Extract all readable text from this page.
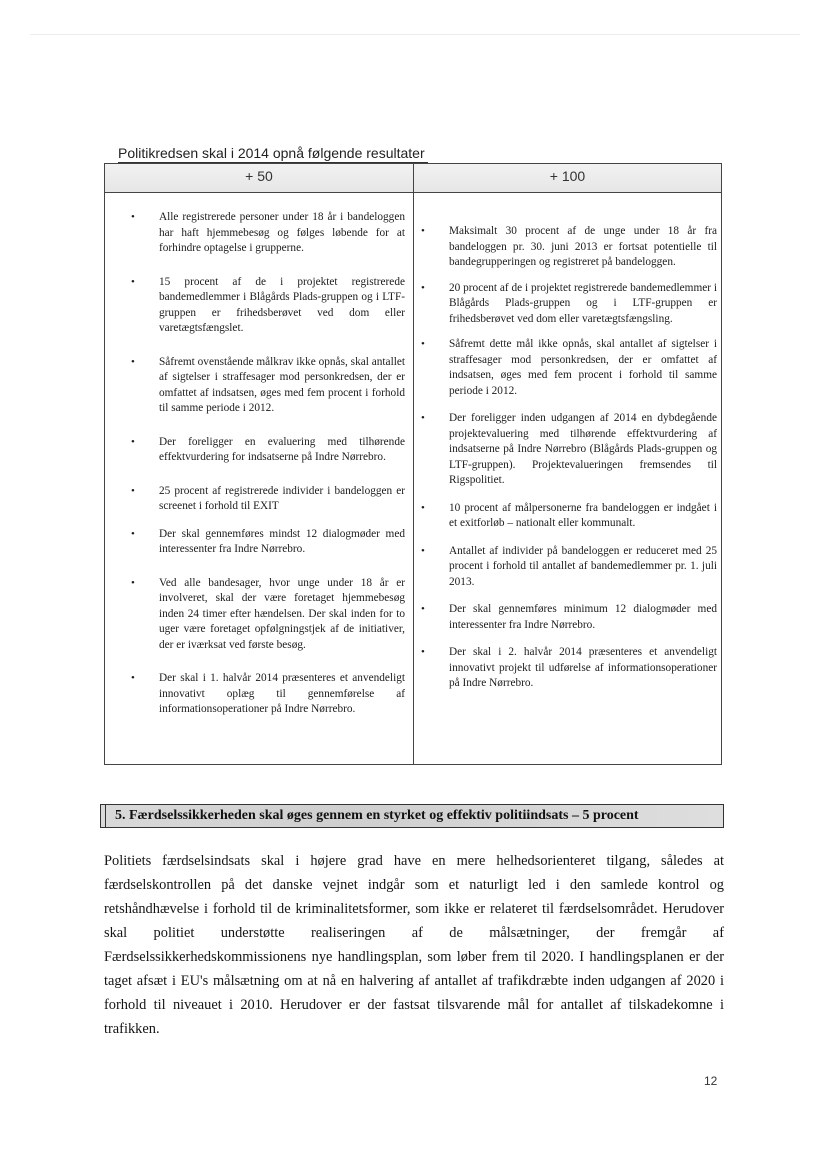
Politikredsen skal i 2014 opnå følgende resultater
+ 50	+ 100
• Alle registrerede personer under 18 år i bandeloggen har haft hjemmebesøg og følges løbende for at forhindre optagelse i grupperne.
• 15 procent af de i projektet registrerede bandemedlemmer i Blågårds Plads-gruppen og i LTF-gruppen er frihedsberøvet ved dom eller varetægtsfængslet.
• Såfremt ovenstående målkrav ikke opnås, skal antallet af sigtelser i straffesager mod personkredsen, der er omfattet af indsatsen, øges med fem procent i forhold til samme periode i 2012.
• Der foreligger en evaluering med tilhørende effektvurdering for indsatserne på Indre Nørrebro.
• 25 procent af registrerede individer i bandeloggen er screenet i forhold til EXIT
• Der skal gennemføres mindst 12 dialogmøder med interessenter fra Indre Nørrebro.
• Ved alle bandesager, hvor unge under 18 år er involveret, skal der være foretaget hjemmebesøg inden 24 timer efter hændelsen. Der skal inden for to uger være foretaget opfølgningstjek af de initiativer, der er iværksat ved første besøg.
• Der skal i 1. halvår 2014 præsenteres et anvendeligt innovativt oplæg til gennemførelse af informationsoperationer på Indre Nørrebro.
• Maksimalt 30 procent af de unge under 18 år fra bandeloggen pr. 30. juni 2013 er fortsat potentielle til bandegrupperingen og registreret på bandeloggen.
• 20 procent af de i projektet registrerede bandemedlemmer i Blågårds Plads-gruppen og i LTF-gruppen er frihedsberøvet ved dom eller varetægtsfængsling.
• Såfremt dette mål ikke opnås, skal antallet af sigtelser i straffesager mod personkredsen, der er omfattet af indsatsen, øges med fem procent i forhold til samme periode i 2012.
• Der foreligger inden udgangen af 2014 en dybdegående projektevaluering med tilhørende effektvurdering af indsatserne på Indre Nørrebro (Blågårds Plads-gruppen og LTF-gruppen). Projektevalueringen fremsendes til Rigspolitiet.
• 10 procent af målpersonerne fra bandeloggen er indgået i et exitforløb – nationalt eller kommunalt.
• Antallet af individer på bandeloggen er reduceret med 25 procent i forhold til antallet af bandemedlemmer pr. 1. juli 2013.
• Der skal gennemføres minimum 12 dialogmøder med interessenter fra Indre Nørrebro.
• Der skal i 2. halvår 2014 præsenteres et anvendeligt innovativt projekt til udførelse af informationsoperationer på Indre Nørrebro.
5. Færdselssikkerheden skal øges gennem en styrket og effektiv politiindsats – 5 procent
Politiets færdselsindsats skal i højere grad have en mere helhedsorienteret tilgang, således at færdselskontrollen på det danske vejnet indgår som et naturligt led i den samlede kontrol og retshåndhævelse i forhold til de kriminalitetsformer, som ikke er relateret til færdselsområdet. Herudover skal politiet understøtte realiseringen af de målsætninger, der fremgår af Færdselssikkerhedskommissionens nye handlingsplan, som løber frem til 2020. I handlingsplanen er der taget afsæt i EU's målsætning om at nå en halvering af antallet af trafikdræbte inden udgangen af 2020 i forhold til niveauet i 2010. Herudover er der fastsat tilsvarende mål for antallet af tilskadekomne i trafikken.
12
